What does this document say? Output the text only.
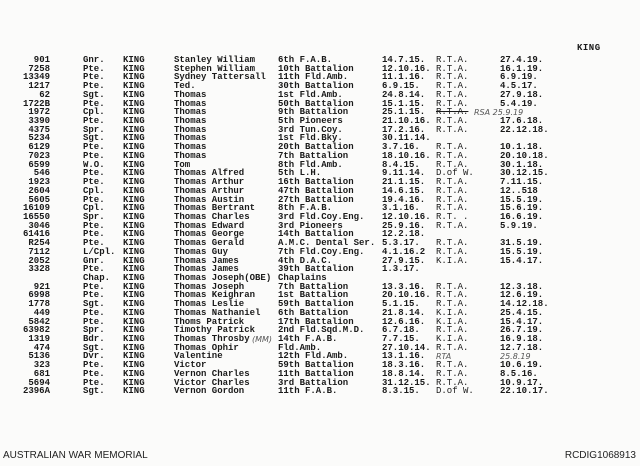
KING
901	Gnr. KING	Stanley William	6th F.A.B.	14.7.15. R.T.A.	27.4.19.
7258	Pte. KING	Stephen William	10th Battalion	12.10.16. R.T.A.	16.1.19.
13349	Pte. KING	Sydney Tattersall 11th Fld.Amb.	11.1.16. R.T.A.	6.9.19.
1217	Pte. KING	Ted.	30th Battalion	6.9.15. R.T.A.	4.5.17.
62	Sgt. KING	Thomas	1st Fld.Amb.	24.8.14. R.T.A.	27.9.18.
1722B	Pte. KING	Thomas	50th Battalion	15.1.15. R.T.A.	5.4.19.
1972	Cpl. KING	Thomas	9th Battalion	25.1.15. R.T.A. RSA 25.9.19
3390	Pte. KING	Thomas	5th Pioneers	21.10.16. R.T.A.	17.6.18.
4375	Spr. KING	Thomas	3rd Tun.Coy.	17.2.16. R.T.A.	22.12.18.
5234	Sgt. KING	Thomas	1st Fld.Bky.	30.11.14.
6129	Pte. KING	Thomas	20th Battalion	3.7.16. R.T.A.	10.1.18.
7023	Pte. KING	Thomas	7th Battalion	18.10.16. R.T.A.	20.10.18.
6599	W.O. KING	Tom	8th Fld.Amb.	8.4.15. R.T.A.	30.1.18.
546	Pte. KING	Thomas Alfred	5th L.H.	9.11.14. D.of W.	30.12.15.
1923	Pte. KING	Thomas Arthur	16th Battalion	21.1.15. R.T.A.	7.11.15.
2604	Cpl. KING	Thomas Arthur	47th Battalion	14.6.15. R.T.A.	12..518
5605	Pte. KING	Thomas Austin	27th Battalion	19.4.16. R.T.A.	15.5.19.
16109	Cpl. KING	Thomas Bertrant	8th F.A.B.	3.1.16. R.T.A.	15.6.19.
16550	Spr. KING	Thomas Charles	3rd Fld.Coy.Eng. 12.10.16. R.T. .	16.6.19.
3046	Pte. KING	Thomas Edward	3rd Pioneers	25.9.16. R.T.A.	5.9.19.
61416	Pte. KING	Thomas George	14th Battalion	12.2.18.
R254	Pte. KING	Thomas Gerald	A.M.C. Dental Ser. 5.3.17. R.T.A.	31.5.19.
7112	L/Cpl. KING	Thomas Guy	7th Fld.Coy.Eng. 4.1.16.2 R.T.A.	15.5.19.
2052	Gnr. KING	Thomas James	4th D.A.C.	27.9.15. K.I.A.	15.4.17.
3328	Pte. KING	Thomas James	39th Battalion	1.3.17.
Chap. KING	Thomas Joseph(OBE) Chaplains
921	Pte. KING	Thomas Joseph	7th Battalion	13.3.16. R.T.A.	12.3.18.
6998	Pte. KING	Thomas Keighran	1st Battalion	20.10.16. R.T.A.	12.6.19.
1778	Sgt. KING	Thomas Leslie	59th Battalion	5.1.15. R.T.A.	14.12.18.
449	Pte. KING	Thomas Nathaniel 6th Battalion	21.8.14. K.I.A.	25.4.15.
5842	Pte. KING	Thoms Patrick	17th Battalion	12.6.16. K.I.A.	15.4.17.
63982	Spr. KING	Timothy Patrick	2nd Fld.Sqd.M.D. 6.7.18. R.T.A.	26.7.19.
1319	Bdr. KING	Thomas Throsby	14th F.A.B.	7.7.15. K.I.A.	16.9.18.
(MM)
474	Sgt. KING	Thomas Ophir	Fld.Amb.	27.10.14. R.T.A.	12.7.18.
5136	Dvr. KING	Valentine	12th Fld.Amb.	13.1.16. RTA	25.8.19
323	Pte. KING	Victor	59th Battalion	18.3.16. R.T.A.	10.6.19.
681	Pte. KING	Vernon Charles	11th Battalion	18.8.14. R.T.A.	8.5.16.
5694	Pte. KING	Victor Charles	3rd Battalion	31.12.15. R.T.A.	10.9.17.
2396A	Sgt. KING	Vernon Gordon	11th F.A.B.	8.3.15. D.of W.	22.10.17.
AUSTRALIAN WAR MEMORIAL	RCDIG1068913
